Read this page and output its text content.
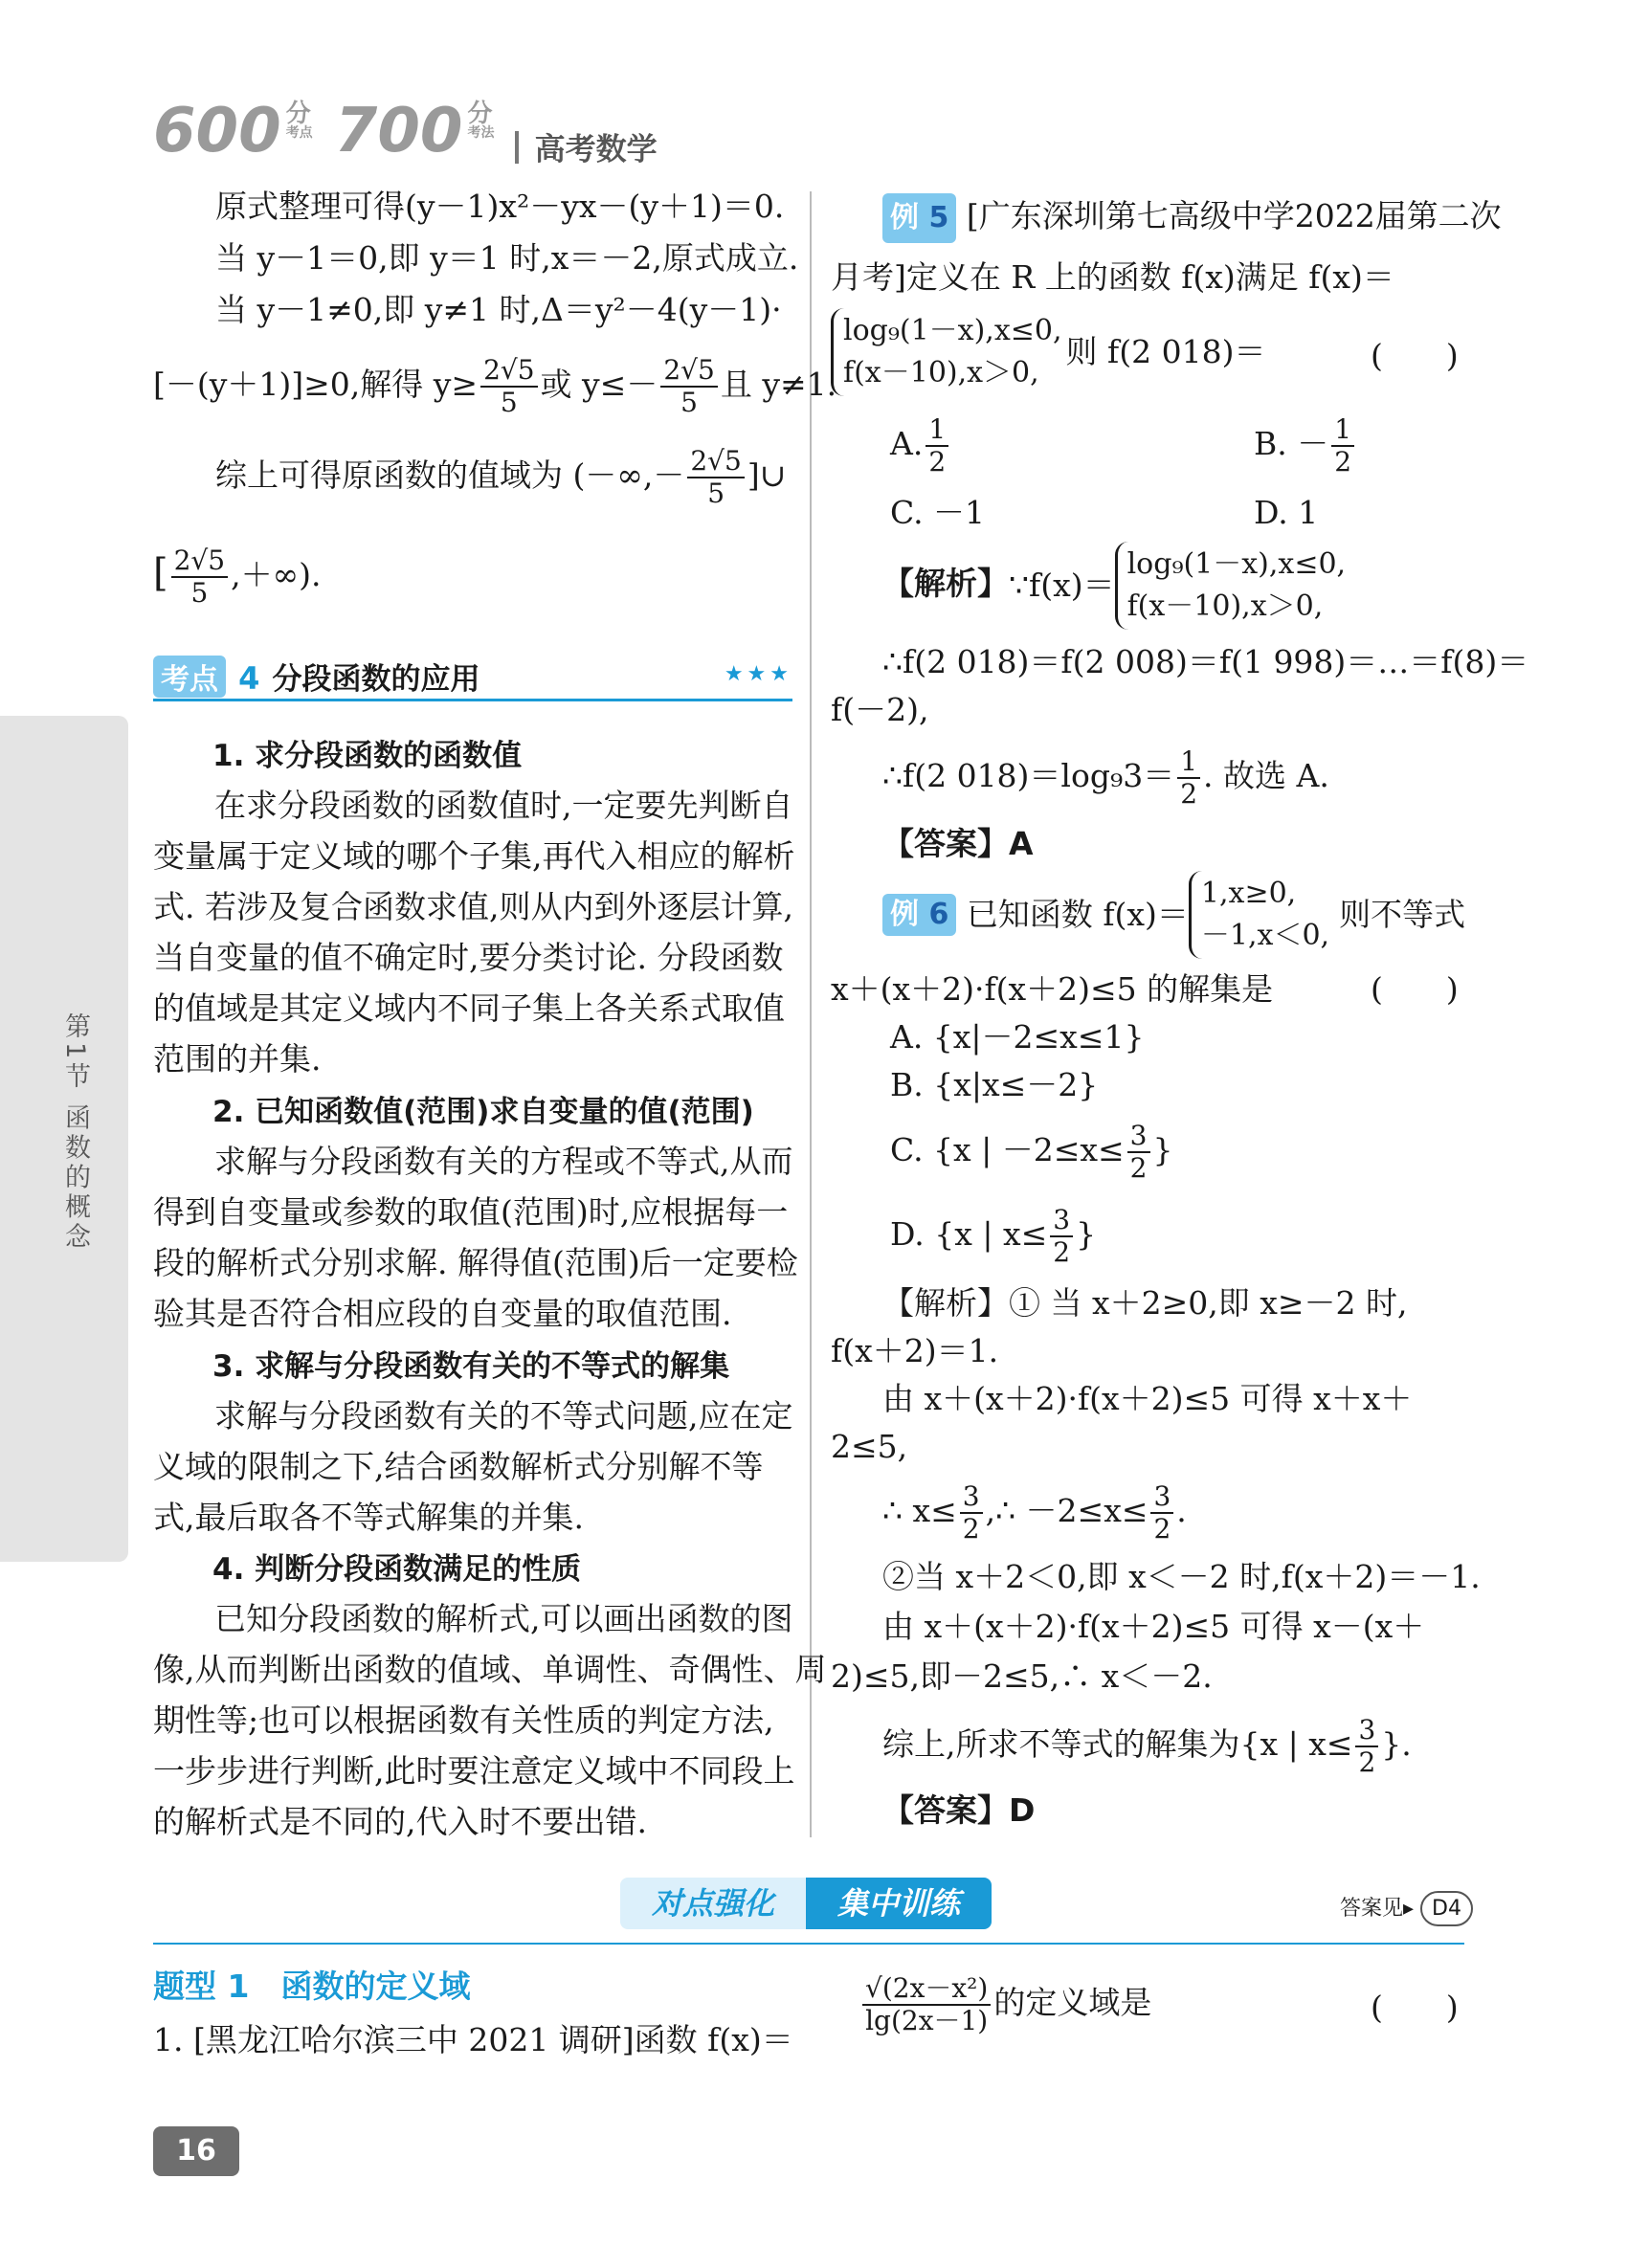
600 分
考点 700 分
考法 高考数学
原式整理可得(y－1)x²－yx－(y＋1)＝0.
当 y－1＝0,即 y＝1 时,x＝－2,原式成立.
当 y－1≠0,即 y≠1 时,Δ＝y²－4(y－1)·
[－(y＋1)]≥0,解得 $y\ge \frac{2√5}{5}$ 或 $y\le- \frac{2√5}{5}$ 且 y≠1.
综上可得原函数的值域为 (－∞,－ $\frac{2√5}{5}$ ]∪
[ $\frac{2√5}{5}$ ,＋∞).
考点 4 分段函数的应用	★★★
1. 求分段函数的函数值
在求分段函数的函数值时,一定要先判断自
变量属于定义域的哪个子集,再代入相应的解析
式. 若涉及复合函数求值,则从内到外逐层计算,
当自变量的值不确定时,要分类讨论. 分段函数
的值域是其定义域内不同子集上各关系式取值
范围的并集.
2. 已知函数值(范围)求自变量的值(范围)
求解与分段函数有关的方程或不等式,从而
得到自变量或参数的取值(范围)时,应根据每一
段的解析式分别求解. 解得值(范围)后一定要检
验其是否符合相应段的自变量的取值范围.
3. 求解与分段函数有关的不等式的解集
求解与分段函数有关的不等式问题,应在定
义域的限制之下,结合函数解析式分别解不等
式,最后取各不等式解集的并集.
4. 判断分段函数满足的性质
已知分段函数的解析式,可以画出函数的图
像,从而判断出函数的值域、单调性、奇偶性、周
期性等;也可以根据函数有关性质的判定方法,
一步步进行判断,此时要注意定义域中不同段上
的解析式是不同的,代入时不要出错.
第1节 函数的概念
例 5 [广东深圳第七高级中学2022届第二次
月考]定义在 R 上的函数 f(x)满足 f(x)＝
log₉(1－x),x≤0,
f(x－10),x＞0,
则 f(2 018)＝	(　　)
A. $\frac{1}{2}$	B. － $\frac{1}{2}$
C. －1	D. 1
【解析】∵f(x)＝
log₉(1－x),x≤0,
f(x－10),x＞0,
∴f(2 018)＝f(2 008)＝f(1 998)＝…＝f(8)＝
f(－2),
∴f(2 $018)=\log_93= \frac{1}{2}$ . 故选 A.
【答案】A
例 6 已知函数 f(x)＝
1,x≥0,
－1,x＜0,
则不等式
x＋(x＋2)·f(x＋2)≤5 的解集是	(　　)
A. {x|－2≤x≤1}
B. {x|x≤－2}
C. {x | $-2\le x\le \frac{3}{2}$ }
D. {x | $x\le \frac{3}{2}$ }
【解析】① 当 x＋2≥0,即 x≥－2 时,
f(x＋2)＝1.
由 x＋(x＋2)·f(x＋2)≤5 可得 x＋x＋
2≤5,
∴ $x\le \frac{3}{2}$ ,∴ $-2\le x\le \frac{3}{2}$ .
②当 x＋2＜0,即 x＜－2 时,f(x＋2)＝－1.
由 x＋(x＋2)·f(x＋2)≤5 可得 x－(x＋
2)≤5,即－2≤5,∴ x＜－2.
综上,所求不等式的解集为{x | $x\le \frac{3}{2}$ }.
【答案】D
对点强化 集中训练	答案见▸ D4
题型 1　函数的定义域
1. [黑龙江哈尔滨三中 2021 调研]函数 f(x)＝
$\frac{\text{√(2x－x²)}}{\lg(2x-1)}$ 的定义域是	(　　)
16
